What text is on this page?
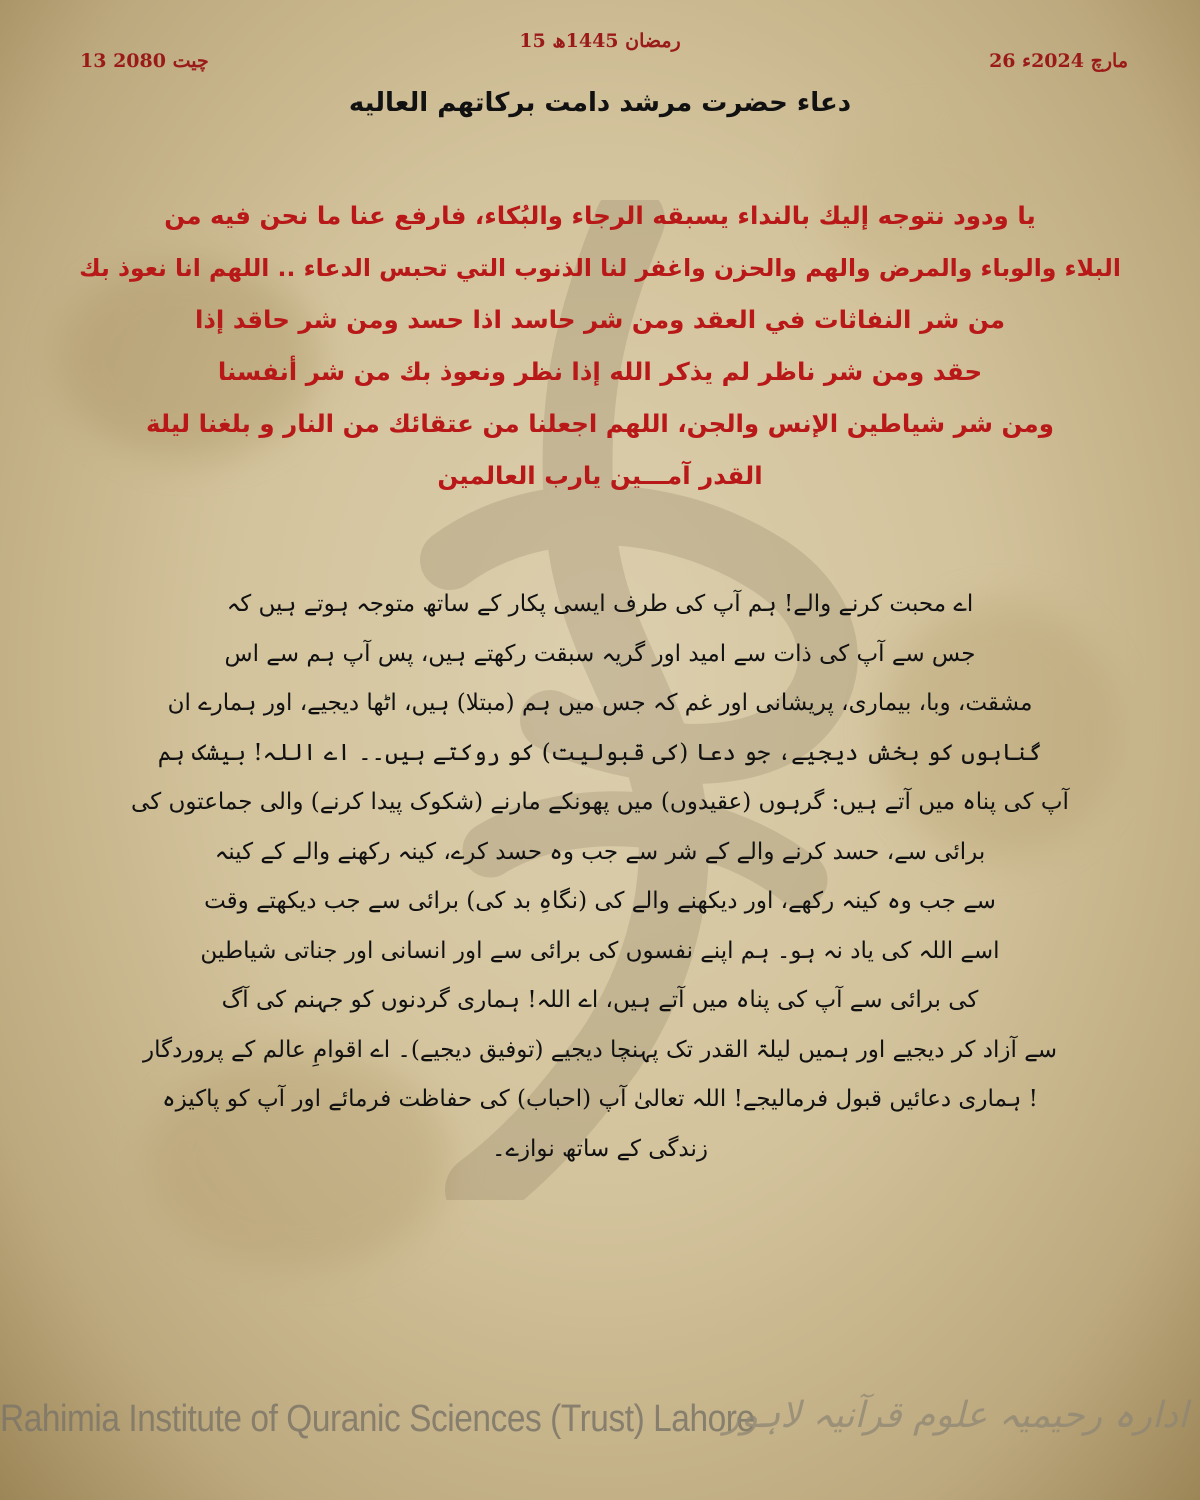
15 رمضان 1445ھ
26 مارچ 2024ء
13 چیت 2080
دعاء حضرت مرشد دامت برکاتهم العاليه
يا ودود نتوجه إليك بالنداء يسبقه الرجاء والبُكاء، فارفع عنا ما نحن فيه من
البلاء والوباء والمرض والهم والحزن واغفر لنا الذنوب التي تحبس الدعاء .. اللهم انا نعوذ بك
من شر النفاثات في العقد ومن شر حاسد اذا حسد ومن شر حاقد إذا
حقد ومن شر ناظر لم يذكر الله إذا نظر ونعوذ بك من شر أنفسنا
ومن شر شياطين الإنس والجن، اللهم اجعلنا من عتقائك من النار و بلغنا ليلة
القدر آمـــين يارب العالمين
اے محبت کرنے والے! ہم آپ کی طرف ایسی پکار کے ساتھ متوجہ ہوتے ہیں کہ
جس سے آپ کی ذات سے امید اور گریہ سبقت رکھتے ہیں، پس آپ ہم سے اس
مشقت، وبا، بیماری، پریشانی اور غم کہ جس میں ہم (مبتلا) ہیں، اٹھا دیجیے، اور ہمارے ان
گناہوں کو بخش دیجیے، جو دعا (کی قبولیت) کو روکتے ہیں۔۔ اے اللہ! بیشک ہم
آپ کی پناہ میں آتے ہیں: گرہوں (عقیدوں) میں پھونکے مارنے (شکوک پیدا کرنے) والی جماعتوں کی
برائی سے، حسد کرنے والے کے شر سے جب وہ حسد کرے، کینہ رکھنے والے کے کینہ
سے جب وہ کینہ رکھے، اور دیکھنے والے کی (نگاہِ بد کی) برائی سے جب دیکھتے وقت
اسے اللہ کی یاد نہ ہو۔ ہم اپنے نفسوں کی برائی سے اور انسانی اور جناتی شیاطین
کی برائی سے آپ کی پناہ میں آتے ہیں، اے اللہ! ہماری گردنوں کو جہنم کی آگ
سے آزاد کر دیجیے اور ہمیں لیلۃ القدر تک پہنچا دیجیے (توفیق دیجیے)۔ اے اقوامِ عالم کے پروردگار
! ہماری دعائیں قبول فرمالیجے! اللہ تعالیٰ آپ (احباب) کی حفاظت فرمائے اور آپ کو پاکیزہ
زندگی کے ساتھ نوازے۔
Rahimia Institute of Quranic Sciences (Trust) Lahore
ادارہ رحیمیہ علوم قرآنیہ لاہور
